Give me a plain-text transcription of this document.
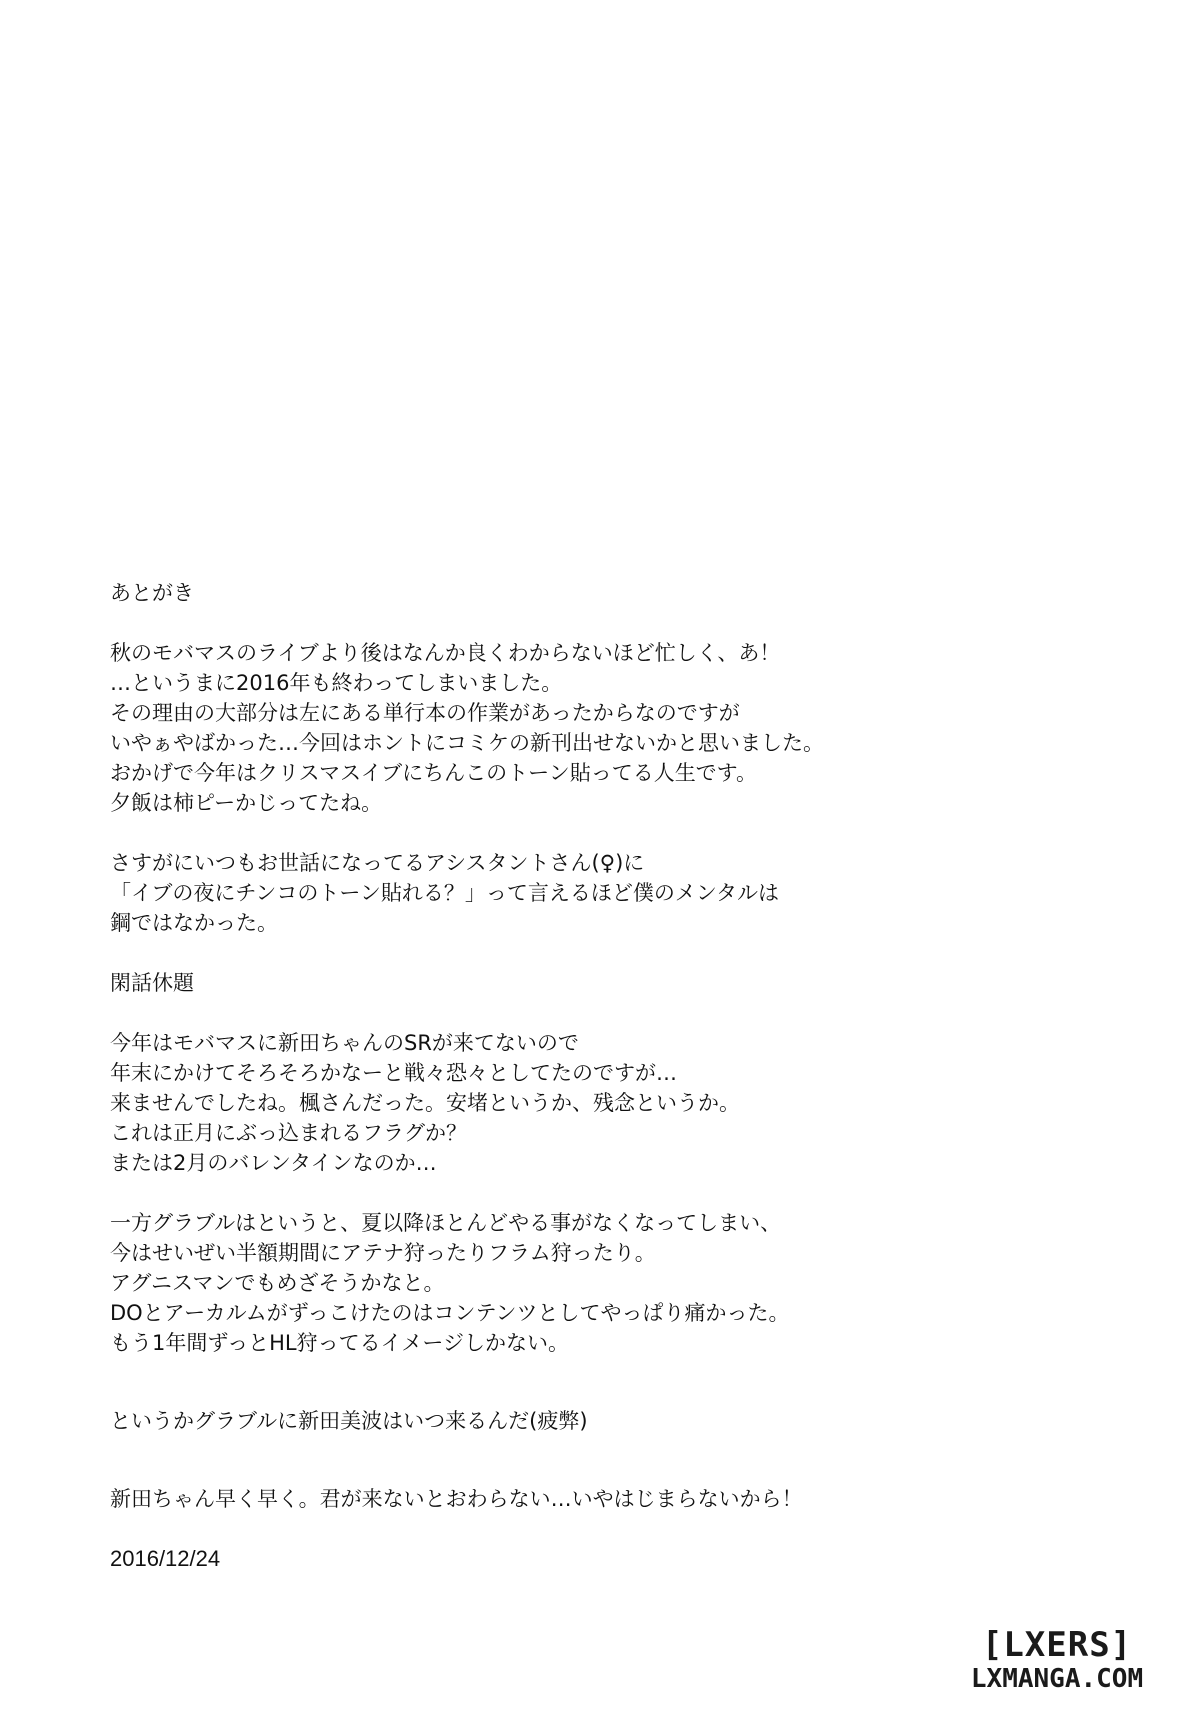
あとがき
秋のモバマスのライブより後はなんか良くわからないほど忙しく、あ！
…というまに2016年も終わってしまいました。
その理由の大部分は左にある単行本の作業があったからなのですが
いやぁやばかった…今回はホントにコミケの新刊出せないかと思いました。
おかげで今年はクリスマスイブにちんこのトーン貼ってる人生です。
夕飯は柿ピーかじってたね。
さすがにいつもお世話になってるアシスタントさん(♀)に
「イブの夜にチンコのトーン貼れる？」って言えるほど僕のメンタルは
鋼ではなかった。
閑話休題
今年はモバマスに新田ちゃんのSRが来てないので
年末にかけてそろそろかなーと戦々恐々としてたのですが…
来ませんでしたね。楓さんだった。安堵というか、残念というか。
これは正月にぶっ込まれるフラグか？
または2月のバレンタインなのか…
一方グラブルはというと、夏以降ほとんどやる事がなくなってしまい、
今はせいぜい半額期間にアテナ狩ったりフラム狩ったり。
アグニスマンでもめざそうかなと。
DOとアーカルムがずっこけたのはコンテンツとしてやっぱり痛かった。
もう1年間ずっとHL狩ってるイメージしかない。
というかグラブルに新田美波はいつ来るんだ(疲弊)
新田ちゃん早く早く。君が来ないとおわらない…いやはじまらないから！
2016/12/24
[LXERS]
LXMANGA.COM
